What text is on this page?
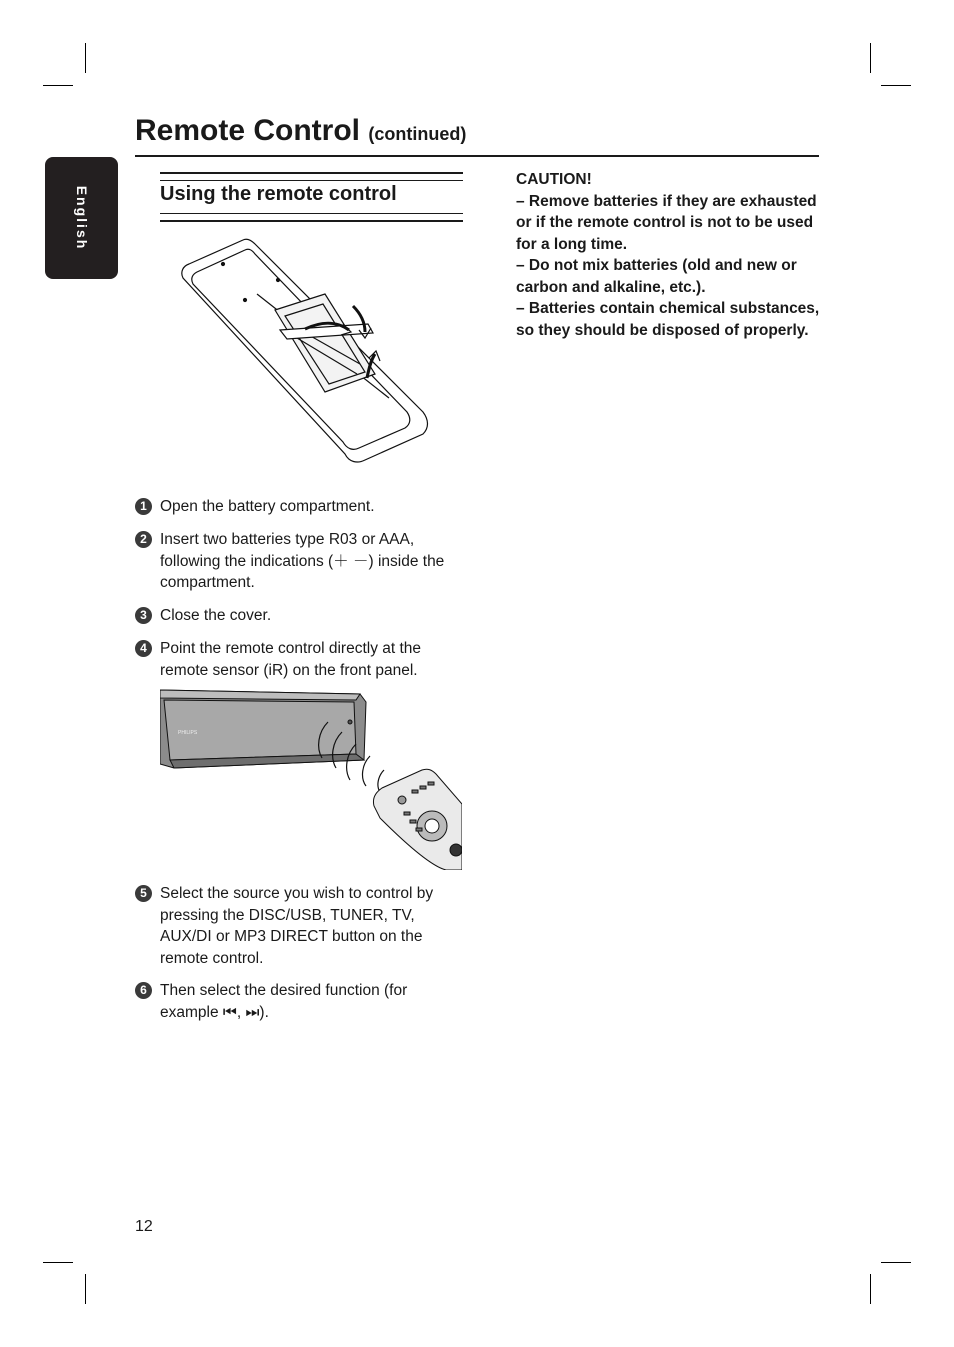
English
Remote Control (continued)
Using the remote control
1 Open the battery compartment.
2 Insert two batteries type R03 or AAA, following the indications (＋ －) inside the compartment.
3 Close the cover.
4 Point the remote control directly at the remote sensor (iR) on the front panel.
PHILIPS
5 Select the source you wish to control by pressing the DISC/USB, TUNER, TV, AUX/DI or MP3 DIRECT button on the remote control.
6 Then select the desired function (for example ⏮, ⏭).
CAUTION!
– Remove batteries if they are exhausted or if the remote control is not to be used for a long time.
– Do not mix batteries (old and new or carbon and alkaline, etc.).
– Batteries contain chemical substances, so they should be disposed of properly.
12
